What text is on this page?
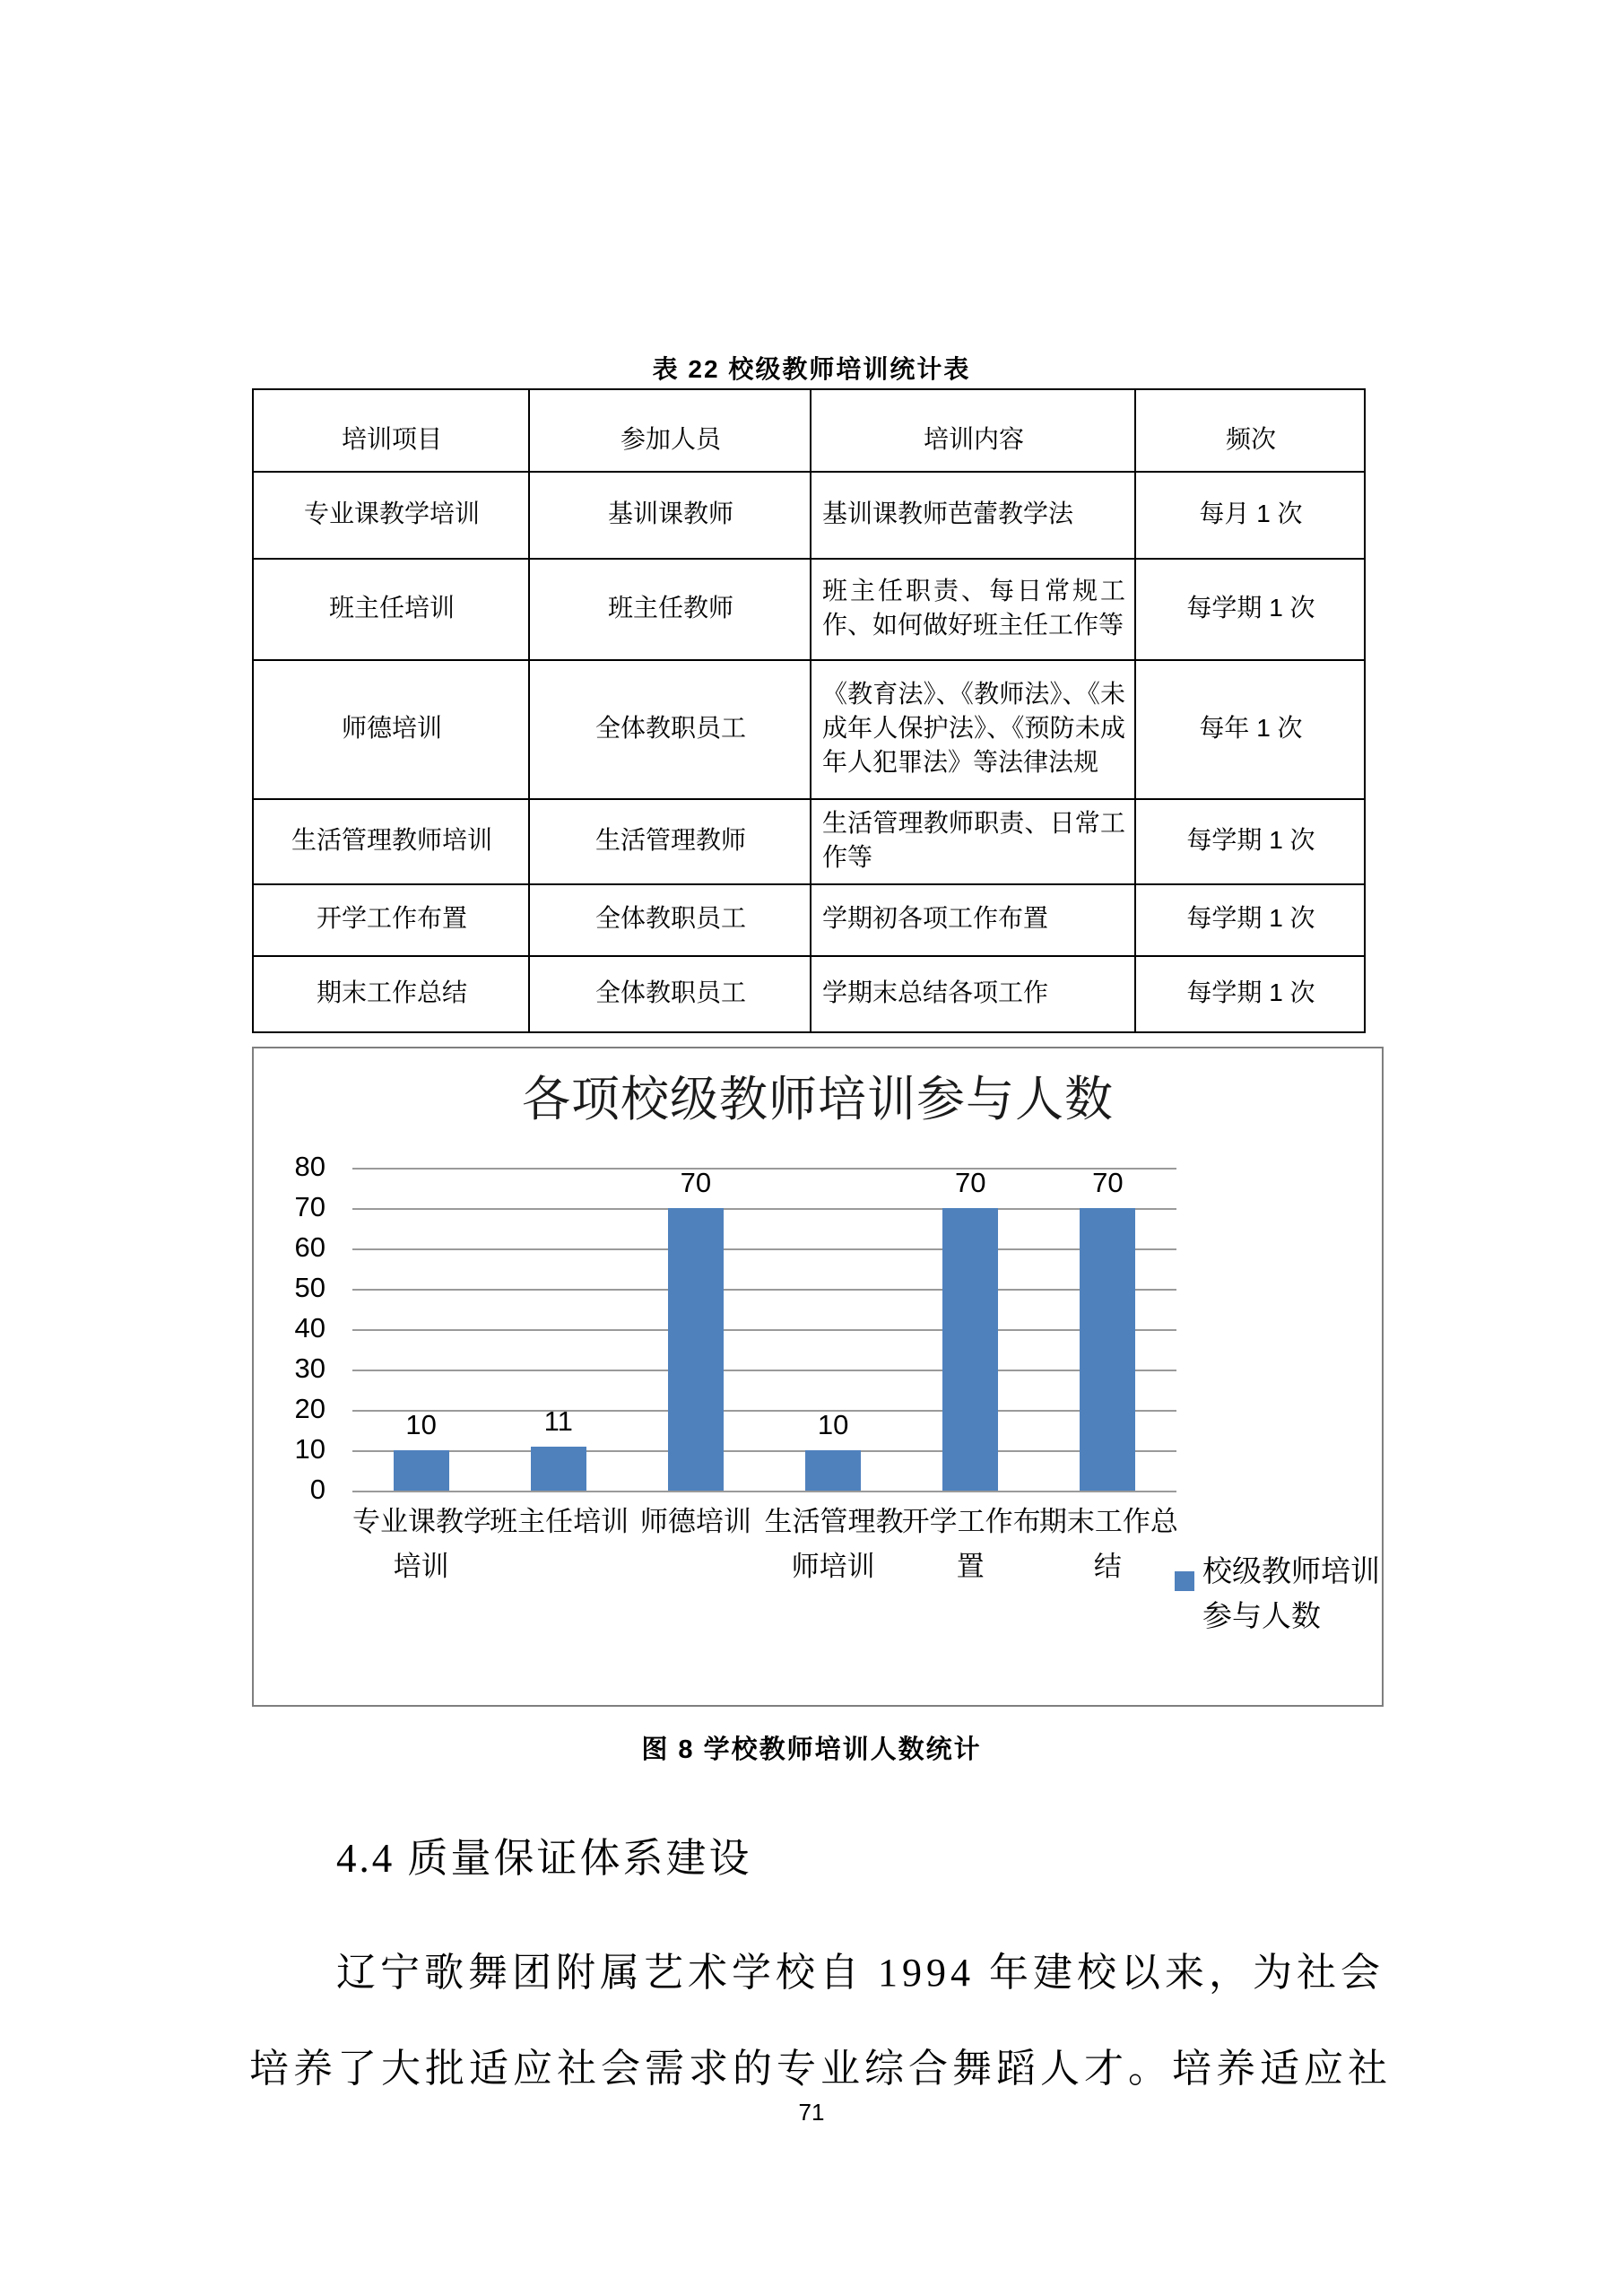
表 22 校级教师培训统计表
培训项目	参加人员	培训内容	频次
专业课教学培训	基训课教师	基训课教师芭蕾教学法	每月 1 次
班主任培训	班主任教师	班主任职责、每日常规工作、如何做好班主任工作等	每学期 1 次
师德培训	全体教职员工	《教育法》、《教师法》、《未成年人保护法》、《预防未成年人犯罪法》等法律法规	每年 1 次
生活管理教师培训	生活管理教师	生活管理教师职责、日常工作等	每学期 1 次
开学工作布置	全体教职员工	学期初各项工作布置	每学期 1 次
期末工作总结	全体教职员工	学期末总结各项工作	每学期 1 次
各项校级教师培训参与人数
0
10
20
30
40
50
60
70
80
10
专业课教学
培训
11
班主任培训
70
师德培训
10
生活管理教
师培训
70
开学工作布
置
70
期末工作总
结	校级教师培训
参与人数
图 8 学校教师培训人数统计
4.4 质量保证体系建设
辽宁歌舞团附属艺术学校自 1994 年建校以来，为社会
培养了大批适应社会需求的专业综合舞蹈人才。培养适应社
71
